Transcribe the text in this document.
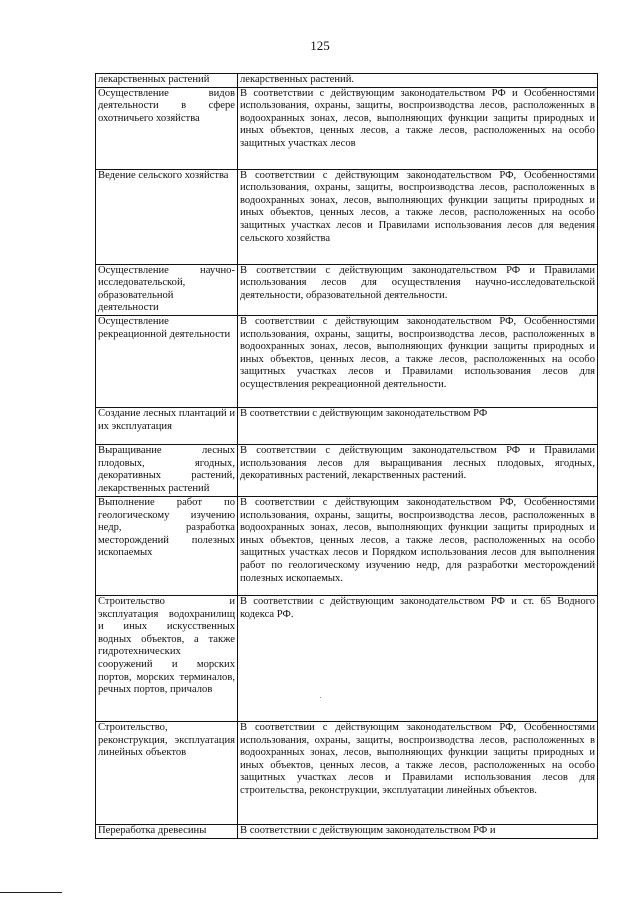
125
лекарственных растений	лекарственных растений.
Осуществление видов деятельности в сфере охотничьего хозяйства	В соответствии с действующим законодательством РФ и Особенностями использования, охраны, защиты, воспроизводства лесов, расположенных в водоохранных зонах, лесов, выполняющих функции защиты природных и иных объектов, ценных лесов, а также лесов, расположенных на особо защитных участках лесов
Ведение сельского хозяйства	В соответствии с действующим законодательством РФ, Особенностями использования, охраны, защиты, воспроизводства лесов, расположенных в водоохранных зонах, лесов, выполняющих функции защиты природных и иных объектов, ценных лесов, а также лесов, расположенных на особо защитных участках лесов и Правилами использования лесов для ведения сельского хозяйства
Осуществление научно-исследовательской, образовательной деятельности	В соответствии с действующим законодательством РФ и Правилами использования лесов для осуществления научно-исследовательской деятельности, образовательной деятельности.
Осуществление рекреационной деятельности	В соответствии с действующим законодательством РФ, Особенностями использования, охраны, защиты, воспроизводства лесов, расположенных в водоохранных зонах, лесов, выполняющих функции защиты природных и иных объектов, ценных лесов, а также лесов, расположенных на особо защитных участках лесов и Правилами использования лесов для осуществления рекреационной деятельности.
Создание лесных плантаций и их эксплуатация	В соответствии с действующим законодательством РФ
Выращивание лесных плодовых, ягодных, декоративных растений, лекарственных растений	В соответствии с действующим законодательством РФ и Правилами использования лесов для выращивания лесных плодовых, ягодных, декоративных растений, лекарственных растений.
Выполнение работ по геологическому изучению недр, разработка месторождений полезных ископаемых	В соответствии с действующим законодательством РФ, Особенностями использования, охраны, защиты, воспроизводства лесов, расположенных в водоохранных зонах, лесов, выполняющих функции защиты природных и иных объектов, ценных лесов, а также лесов, расположенных на особо защитных участках лесов и Порядком использования лесов для выполнения работ по геологическому изучению недр, для разработки месторождений полезных ископаемых.
Строительство и эксплуатация водохранилищ и иных искусственных водных объектов, а также гидротехнических сооружений и морских портов, морских терминалов, речных портов, причалов	В соответствии с действующим законодательством РФ и ст. 65 Водного кодекса РФ.
Строительство, реконструкция, эксплуатация линейных объектов	В соответствии с действующим законодательством РФ, Особенностями использования, охраны, защиты, воспроизводства лесов, расположенных в водоохранных зонах, лесов, выполняющих функции защиты природных и иных объектов, ценных лесов, а также лесов, расположенных на особо защитных участках лесов и Правилами использования лесов для строительства, реконструкции, эксплуатации линейных объектов.
Переработка древесины	В соответствии с действующим законодательством РФ и
